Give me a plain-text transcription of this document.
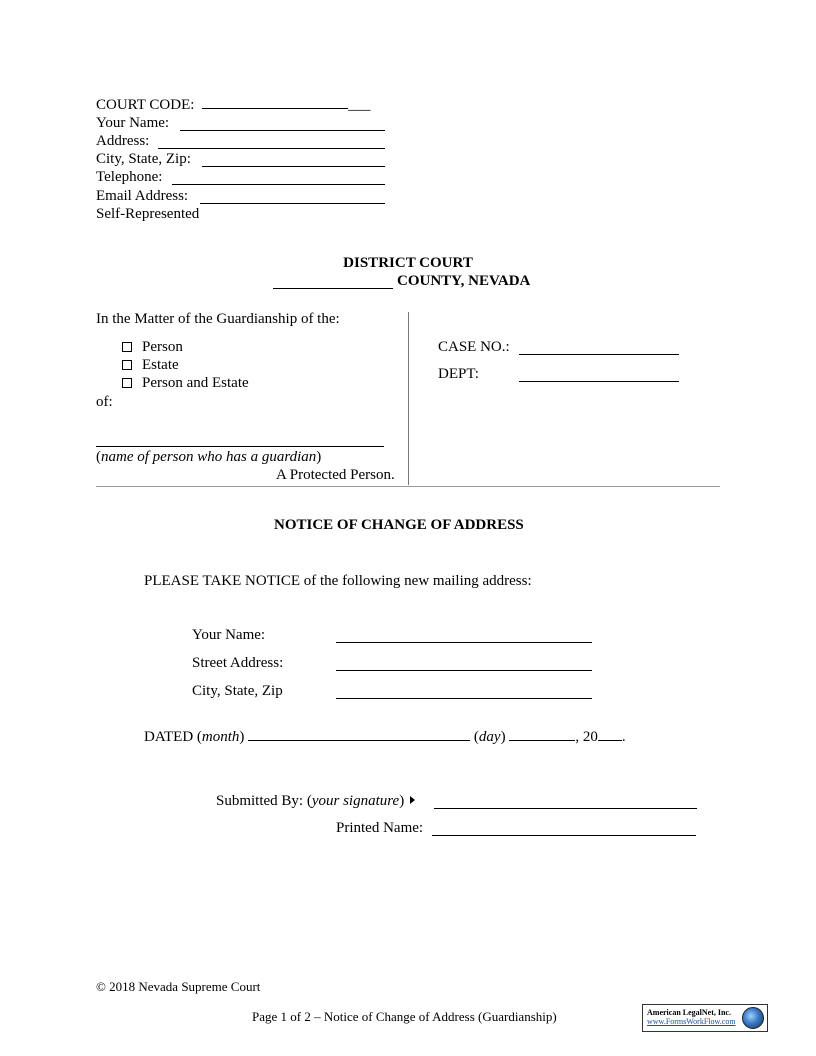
COURT CODE:	___
Your Name:
Address:
City, State, Zip:
Telephone:
Email Address:
Self-Represented
DISTRICT COURT
COUNTY, NEVADA
In the Matter of the Guardianship of the:
Person
Estate
Person and Estate
of:
(name of person who has a guardian)
A Protected Person.
CASE NO.:
DEPT:
NOTICE OF CHANGE OF ADDRESS
PLEASE TAKE NOTICE of the following new mailing address:
Your Name:
Street Address:
City, State, Zip
DATED (month)	(day)	, 20 .
Submitted By: (your signature)
Printed Name:
© 2018 Nevada Supreme Court
Page 1 of 2 – Notice of Change of Address (Guardianship)	American LegalNet, Inc.
www.FormsWorkFlow.com
